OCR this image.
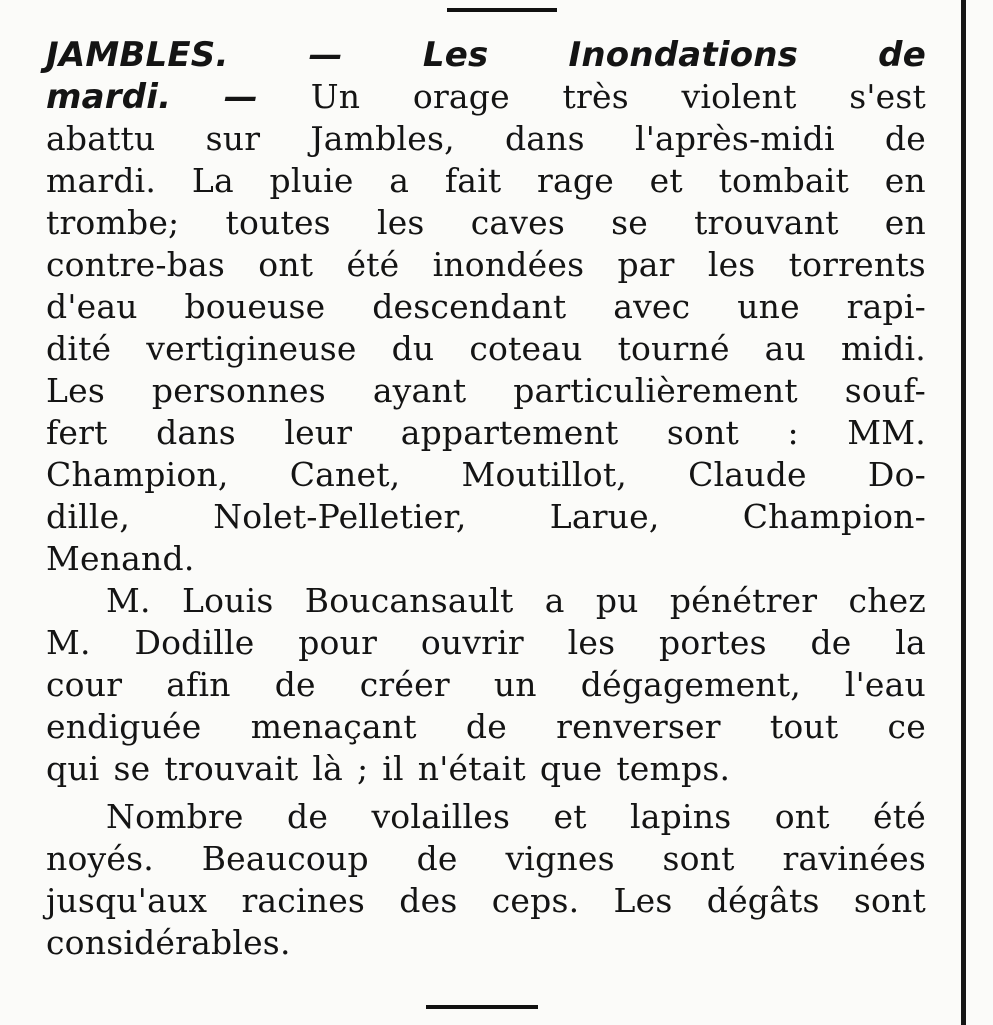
JAMBLES. — Les Inondations de
mardi. — Un orage très violent s'est
abattu sur Jambles, dans l'après-midi de
mardi. La pluie a fait rage et tombait en
trombe; toutes les caves se trouvant en
contre-bas ont été inondées par les torrents
d'eau boueuse descendant avec une rapi-
dité vertigineuse du coteau tourné au midi.
Les personnes ayant particulièrement souf-
fert dans leur appartement sont : MM.
Champion, Canet, Moutillot, Claude Do-
dille,	Nolet-Pelletier,	Larue,	Champion-
Menand.
M. Louis Boucansault a pu pénétrer chez
M. Dodille pour ouvrir les portes de la
cour afin de créer un dégagement, l'eau
endiguée menaçant de renverser tout ce
qui se trouvait là ; il n'était que temps.
Nombre de volailles et lapins ont été
noyés. Beaucoup de vignes sont ravinées
jusqu'aux racines des ceps. Les dégâts sont
considérables.
